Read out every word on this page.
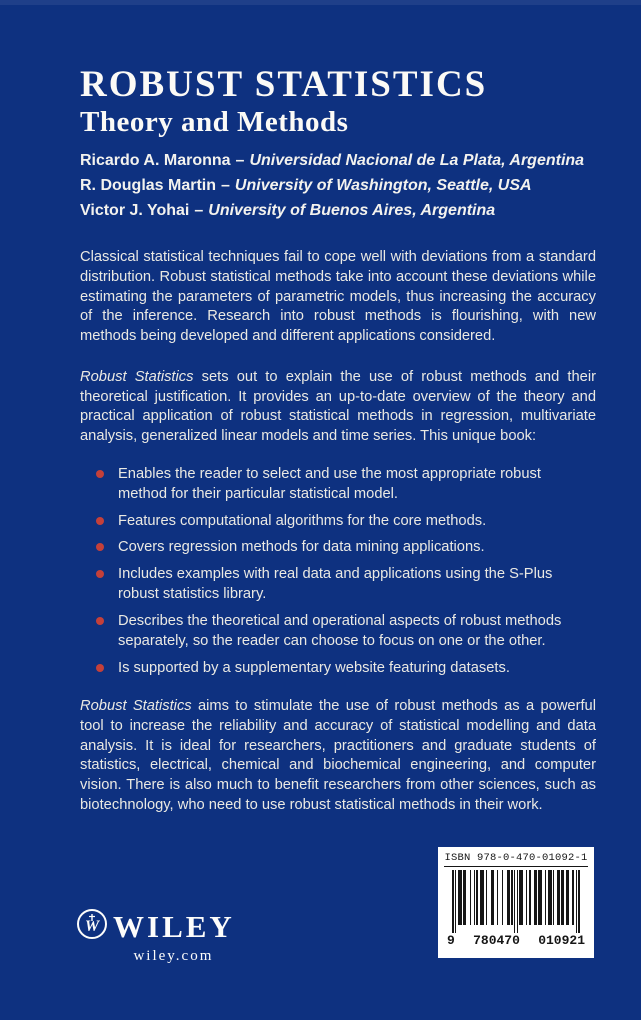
ROBUST STATISTICS
Theory and Methods
Ricardo A. Maronna – Universidad Nacional de La Plata, Argentina
R. Douglas Martin – University of Washington, Seattle, USA
Victor J. Yohai – University of Buenos Aires, Argentina

Classical statistical techniques fail to cope well with deviations from a standard distribution. Robust statistical methods take into account these deviations while estimating the parameters of parametric models, thus increasing the accuracy of the inference. Research into robust methods is flourishing, with new methods being developed and different applications considered.

Robust Statistics sets out to explain the use of robust methods and their theoretical justification. It provides an up-to-date overview of the theory and practical application of robust statistical methods in regression, multivariate analysis, generalized linear models and time series. This unique book:

Enables the reader to select and use the most appropriate robust method for their particular statistical model.
Features computational algorithms for the core methods.
Covers regression methods for data mining applications.
Includes examples with real data and applications using the S-Plus robust statistics library.
Describes the theoretical and operational aspects of robust methods separately, so the reader can choose to focus on one or the other.
Is supported by a supplementary website featuring datasets.

Robust Statistics aims to stimulate the use of robust methods as a powerful tool to increase the reliability and accuracy of statistical modelling and data analysis. It is ideal for researchers, practitioners and graduate students of statistics, electrical, chemical and biochemical engineering, and computer vision. There is also much to benefit researchers from other sciences, such as biotechnology, who need to use robust statistical methods in their work.

W WILEY
wiley.com
ISBN 978-0-470-01092-1
9 780470 010921
